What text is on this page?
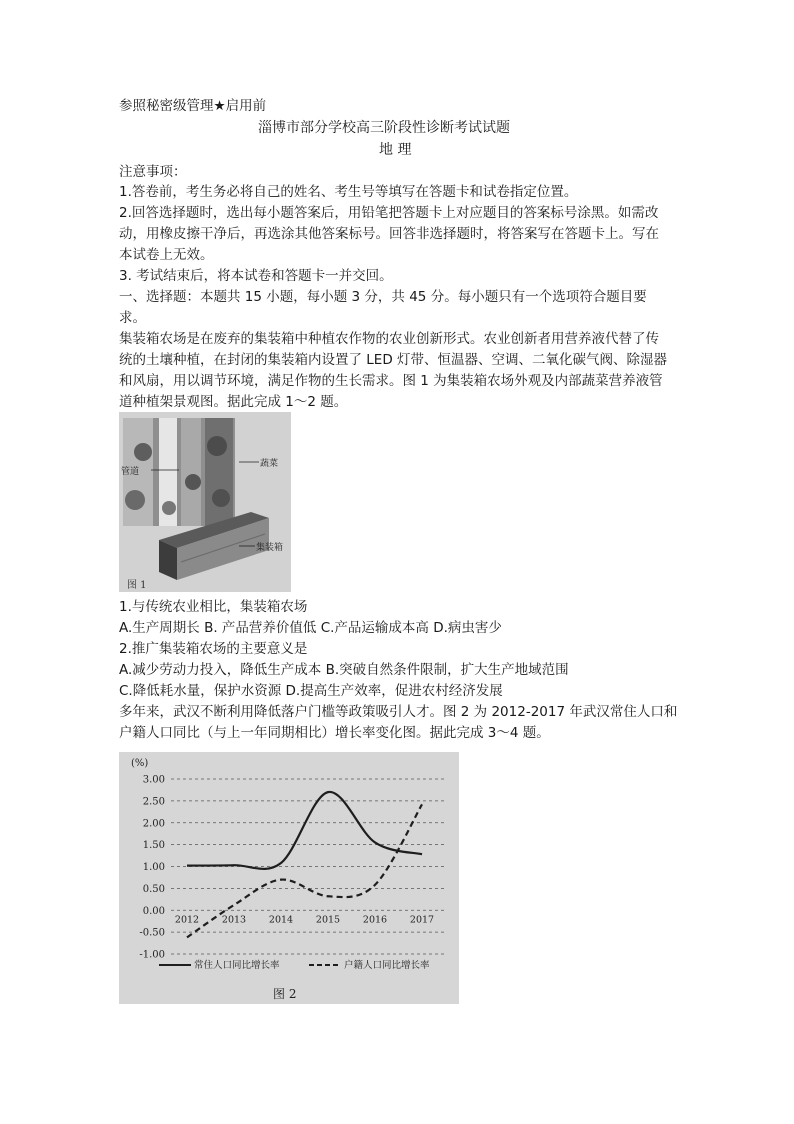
参照秘密级管理★启用前
淄博市部分学校高三阶段性诊断考试试题
地 理
注意事项：
1.答卷前，考生务必将自己的姓名、考生号等填写在答题卡和试卷指定位置。
2.回答选择题时，选出每小题答案后，用铅笔把答题卡上对应题目的答案标号涂黑。如需改
动，用橡皮擦干净后，再选涂其他答案标号。回答非选择题时，将答案写在答题卡上。写在
本试卷上无效。
3. 考试结束后，将本试卷和答题卡一并交回。
一、选择题：本题共 15 小题，每小题 3 分，共 45 分。每小题只有一个选项符合题目要
求。
集装箱农场是在废弃的集装箱中种植农作物的农业创新形式。农业创新者用营养液代替了传
统的土壤种植，在封闭的集装箱内设置了 LED 灯带、恒温器、空调、二氧化碳气阀、除湿器
和风扇，用以调节环境，满足作物的生长需求。图 1 为集装箱农场外观及内部蔬菜营养液管
道种植架景观图。据此完成 1～2 题。
管道
蔬菜
集装箱
图 1
1.与传统农业相比，集装箱农场
A.生产周期长 B. 产品营养价值低 C.产品运输成本高 D.病虫害少
2.推广集装箱农场的主要意义是
A.减少劳动力投入，降低生产成本 B.突破自然条件限制，扩大生产地域范围
C.降低耗水量，保护水资源 D.提高生产效率，促进农村经济发展
多年来，武汉不断利用降低落户门槛等政策吸引人才。图 2 为 2012-2017 年武汉常住人口和
户籍人口同比（与上一年同期相比）增长率变化图。据此完成 3～4 题。
(%)
3.00
2.50
2.00
1.50
1.00
0.50
0.00
-0.50
-1.00
2012 2013 2014 2015 2016 2017
常住人口同比增长率	户籍人口同比增长率
图 2
